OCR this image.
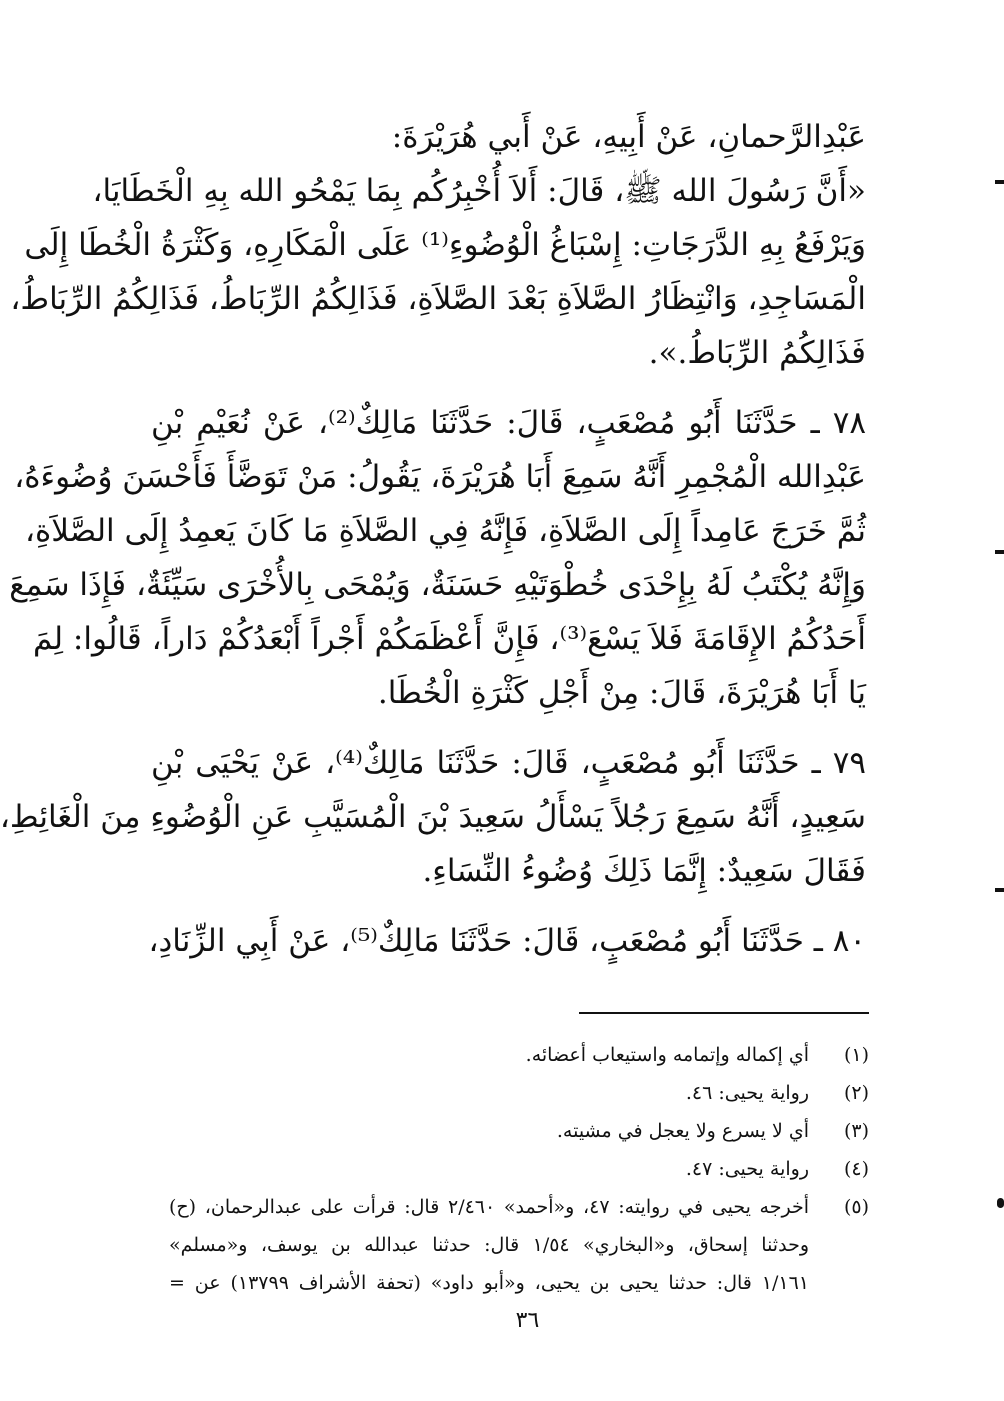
عَبْدِالرَّحمانِ، عَنْ أَبِيهِ، عَنْ أَبي هُرَيْرَةَ:
«أَنَّ رَسُولَ الله ﷺ، قَالَ: أَلاَ أُخْبِرُكُم بِمَا يَمْحُو الله بِهِ الْخَطَايَا،
وَيَرْفَعُ بِهِ الدَّرَجَاتِ: إِسْبَاغُ الْوُضُوءِ⁽¹⁾ عَلَى الْمَكَارِهِ، وَكَثْرَةُ الْخُطَا إِلَى
الْمَسَاجِدِ، وَانْتِظَارُ الصَّلاَةِ بَعْدَ الصَّلاَةِ، فَذَالِكُمُ الرِّبَاطُ، فَذَالِكُمُ الرِّبَاطُ،
فَذَالِكُمُ الرِّبَاطُ.».
٧٨ ـ حَدَّثَنَا أَبُو مُصْعَبٍ، قَالَ: حَدَّثَنَا مَالِكٌ⁽²⁾، عَنْ نُعَيْمِ بْنِ
عَبْدِالله الْمُجْمِرِ أَنَّهُ سَمِعَ أَبَا هُرَيْرَةَ، يَقُولُ: مَنْ تَوَضَّأَ فَأَحْسَنَ وُضُوءَهُ،
ثُمَّ خَرَجَ عَامِداً إِلَى الصَّلاَةِ، فَإِنَّهُ فِي الصَّلاَةِ مَا كَانَ يَعمِدُ إِلَى الصَّلاَةِ،
وَإِنَّهُ يُكْتَبُ لَهُ بِإِحْدَى خُطْوَتَيْهِ حَسَنَةٌ، وَيُمْحَى بِالأُخْرَى سَيِّئَةٌ، فَإِذَا سَمِعَ
أَحَدُكُمُ الإِقَامَةَ فَلاَ يَسْعَ⁽³⁾، فَإِنَّ أَعْظَمَكُمْ أَجْراً أَبْعَدُكُمْ دَاراً، قَالُوا: لِمَ
يَا أَبَا هُرَيْرَةَ، قَالَ: مِنْ أَجْلِ كَثْرَةِ الْخُطَا.
٧٩ ـ حَدَّثَنَا أَبُو مُصْعَبٍ، قَالَ: حَدَّثَنَا مَالِكٌ⁽⁴⁾، عَنْ يَحْيَى بْنِ
سَعِيدٍ، أَنَّهُ سَمِعَ رَجُلاً يَسْأَلُ سَعِيدَ بْنَ الْمُسَيَّبِ عَنِ الْوُضُوءِ مِنَ الْغَائِطِ،
فَقَالَ سَعِيدٌ: إِنَّمَا ذَلِكَ وُضُوءُ النِّسَاءِ.
٨٠ ـ حَدَّثَنَا أَبُو مُصْعَبٍ، قَالَ: حَدَّثَنَا مَالِكٌ⁽⁵⁾، عَنْ أَبِي الزِّنَادِ،
(١)
أي إكماله وإتمامه واستيعاب أعضائه.
(٢)
رواية يحيى: ٤٦.
(٣)
أي لا يسرع ولا يعجل في مشيته.
(٤)
رواية يحيى: ٤٧.
(٥)
أخرجه يحيى في روايته: ٤٧، و«أحمد» ٢/٤٦٠ قال: قرأت على عبدالرحمان، (ح)
وحدثنا إسحاق، و«البخاري» ١/٥٤ قال: حدثنا عبدالله بن يوسف، و«مسلم»
١/١٦١ قال: حدثنا يحيى بن يحيى، و«أبو داود» (تحفة الأشراف ١٣٧٩٩) عن =
٣٦
